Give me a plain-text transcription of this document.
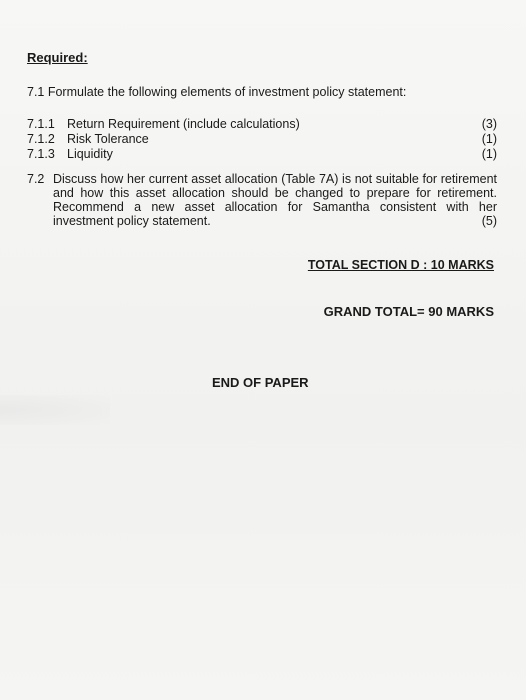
Required:
7.1 Formulate the following elements of investment policy statement:
7.1.1 Return Requirement (include calculations)	(3)
7.1.2 Risk Tolerance	(1)
7.1.3 Liquidity	(1)
7.2 Discuss how her current asset allocation (Table 7A) is not suitable for retirement and how this asset allocation should be changed to prepare for retirement. Recommend a new asset allocation for Samantha consistent with her investment policy statement.	(5)
TOTAL SECTION D : 10 MARKS
GRAND TOTAL= 90 MARKS
END OF PAPER
